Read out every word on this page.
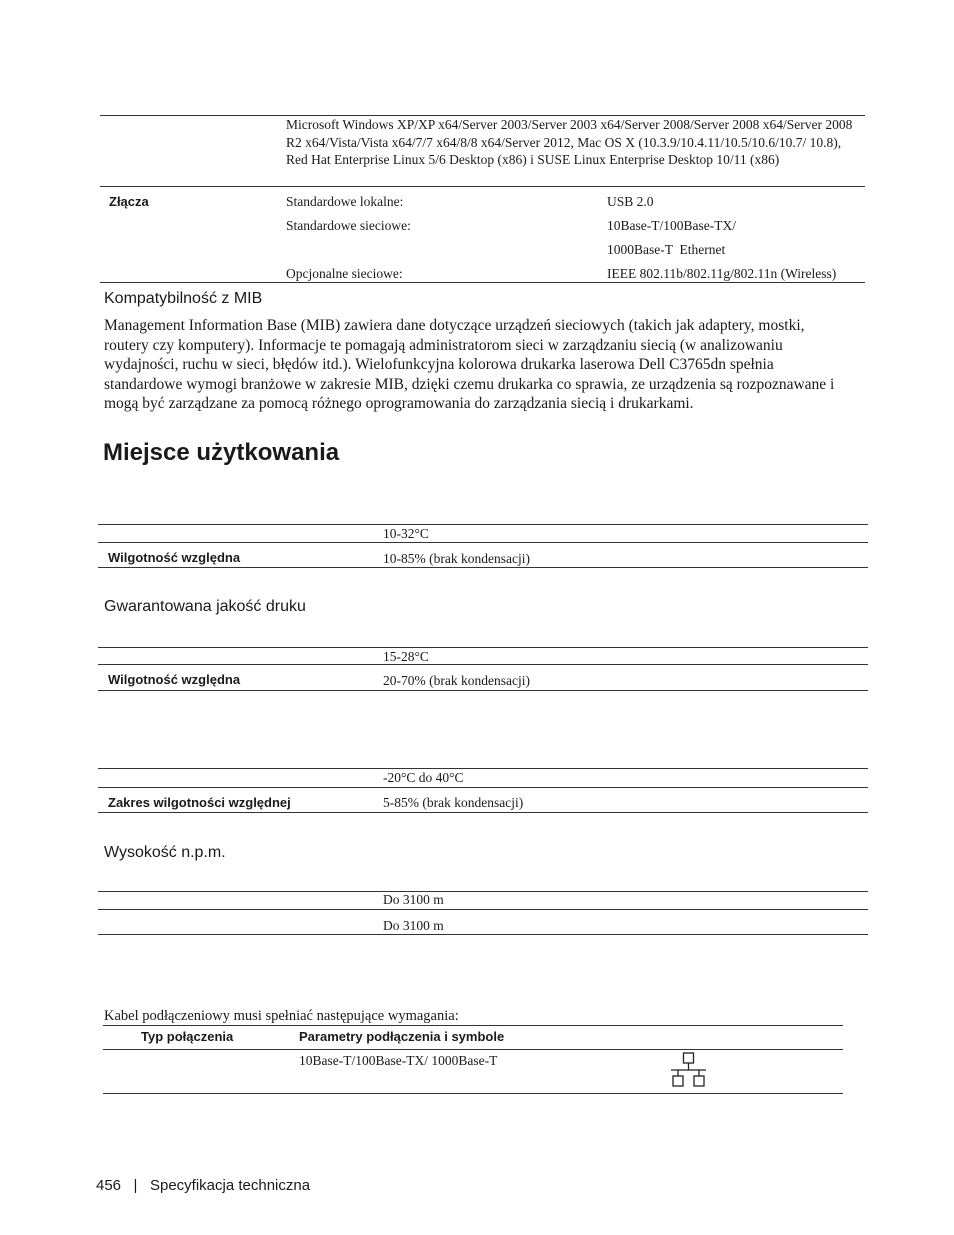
Microsoft Windows XP/XP x64/Server 2003/Server 2003 x64/Server 2008/Server 2008 x64/Server 2008 R2 x64/Vista/Vista x64/7/7 x64/8/8 x64/Server 2012, Mac OS X (10.3.9/10.4.11/10.5/10.6/10.7/ 10.8), Red Hat Enterprise Linux 5/6 Desktop (x86) i SUSE Linux Enterprise Desktop 10/11 (x86)
Złącza	Standardowe lokalne:	USB 2.0
Standardowe sieciowe:	10Base-T/100Base-TX/
1000Base-T  Ethernet
Opcjonalne sieciowe:	IEEE 802.11b/802.11g/802.11n (Wireless)
Kompatybilność z MIB
Management Information Base (MIB) zawiera dane dotyczące urządzeń sieciowych (takich jak adaptery, mostki, routery czy komputery). Informacje te pomagają administratorom sieci w zarządzaniu siecią (w analizowaniu wydajności, ruchu w sieci, błędów itd.). Wielofunkcyjna kolorowa drukarka laserowa Dell C3765dn spełnia standardowe wymogi branżowe w zakresie MIB, dzięki czemu drukarka co sprawia, ze urządzenia są rozpoznawane i mogą być zarządzane za pomocą różnego oprogramowania do zarządzania siecią i drukarkami.
Miejsce użytkowania
10-32°C
Wilgotność względna	10-85% (brak kondensacji)
Gwarantowana jakość druku
15-28°C
Wilgotność względna	20-70% (brak kondensacji)
-20°C do 40°C
Zakres wilgotności względnej	5-85% (brak kondensacji)
Wysokość n.p.m.
Do 3100 m
Do 3100 m
Kabel podłączeniowy musi spełniać następujące wymagania:
Typ połączenia	Parametry podłączenia i symbole
10Base-T/100Base-TX/ 1000Base-T
456 | Specyfikacja techniczna
